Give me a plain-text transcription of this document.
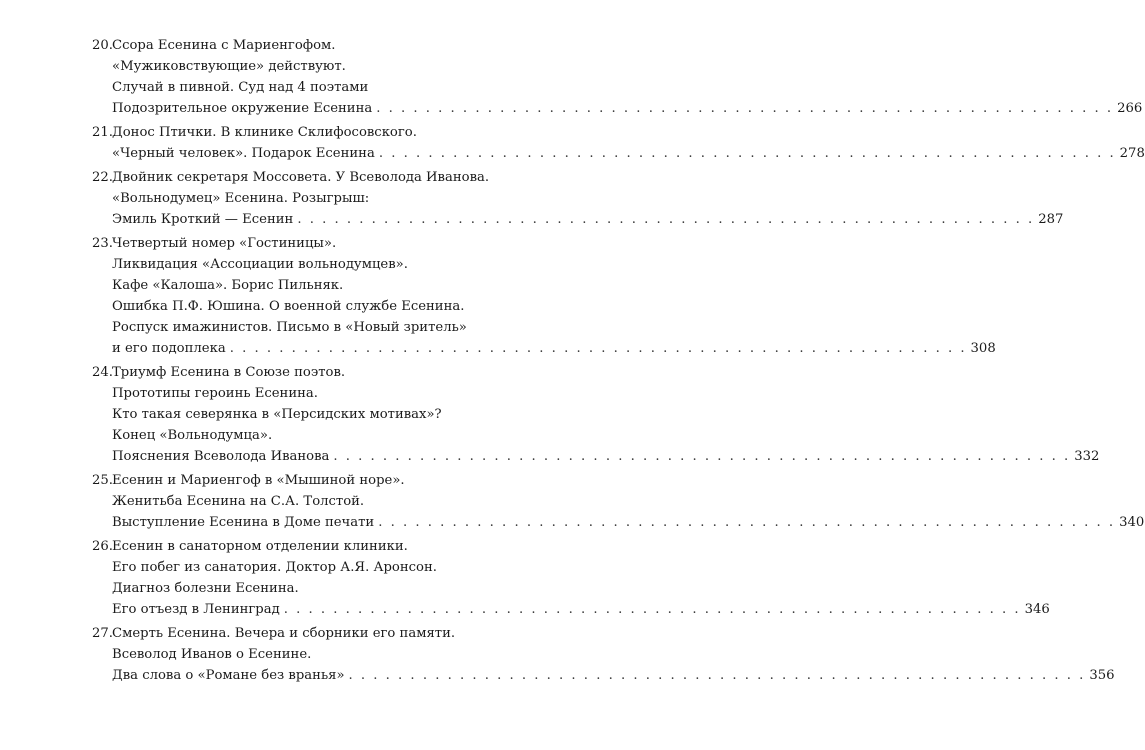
20. Ссора Есенина с Мариенгофом.
«Мужиковствующие» действуют.
Случай в пивной. Суд над 4 поэтами
Подозрительное окружение Есенина . . . . . . . . . . . . . . . . . . . . . . . . . . . . . . . . . . . . . . . . . . . . . . . . . . . . . . . . . . . . 266
21. Донос Птички. В клинике Склифосовского.
«Черный человек». Подарок Есенина . . . . . . . . . . . . . . . . . . . . . . . . . . . . . . . . . . . . . . . . . . . . . . . . . . . . . . . . . . . . 278
22. Двойник секретаря Моссовета. У Всеволода Иванова.
«Вольнодумец» Есенина. Розыгрыш:
Эмиль Кроткий — Есенин . . . . . . . . . . . . . . . . . . . . . . . . . . . . . . . . . . . . . . . . . . . . . . . . . . . . . . . . . . . . 287
23. Четвертый номер «Гостиницы».
Ликвидация «Ассоциации вольнодумцев».
Кафе «Калоша». Борис Пильняк.
Ошибка П.Ф. Юшина. О военной службе Есенина.
Роспуск имажинистов. Письмо в «Новый зритель»
и его подоплека . . . . . . . . . . . . . . . . . . . . . . . . . . . . . . . . . . . . . . . . . . . . . . . . . . . . . . . . . . . . 308
24. Триумф Есенина в Союзе поэтов.
Прототипы героинь Есенина.
Кто такая северянка в «Персидских мотивах»?
Конец «Вольнодумца».
Пояснения Всеволода Иванова . . . . . . . . . . . . . . . . . . . . . . . . . . . . . . . . . . . . . . . . . . . . . . . . . . . . . . . . . . . . 332
25. Есенин и Мариенгоф в «Мышиной норе».
Женитьба Есенина на С.А. Толстой.
Выступление Есенина в Доме печати . . . . . . . . . . . . . . . . . . . . . . . . . . . . . . . . . . . . . . . . . . . . . . . . . . . . . . . . . . . . 340
26. Есенин в санаторном отделении клиники.
Его побег из санатория. Доктор А.Я. Аронсон.
Диагноз болезни Есенина.
Его отъезд в Ленинград . . . . . . . . . . . . . . . . . . . . . . . . . . . . . . . . . . . . . . . . . . . . . . . . . . . . . . . . . . . . 346
27. Смерть Есенина. Вечера и сборники его памяти.
Всеволод Иванов о Есенине.
Два слова о «Романе без вранья» . . . . . . . . . . . . . . . . . . . . . . . . . . . . . . . . . . . . . . . . . . . . . . . . . . . . . . . . . . . . 356
